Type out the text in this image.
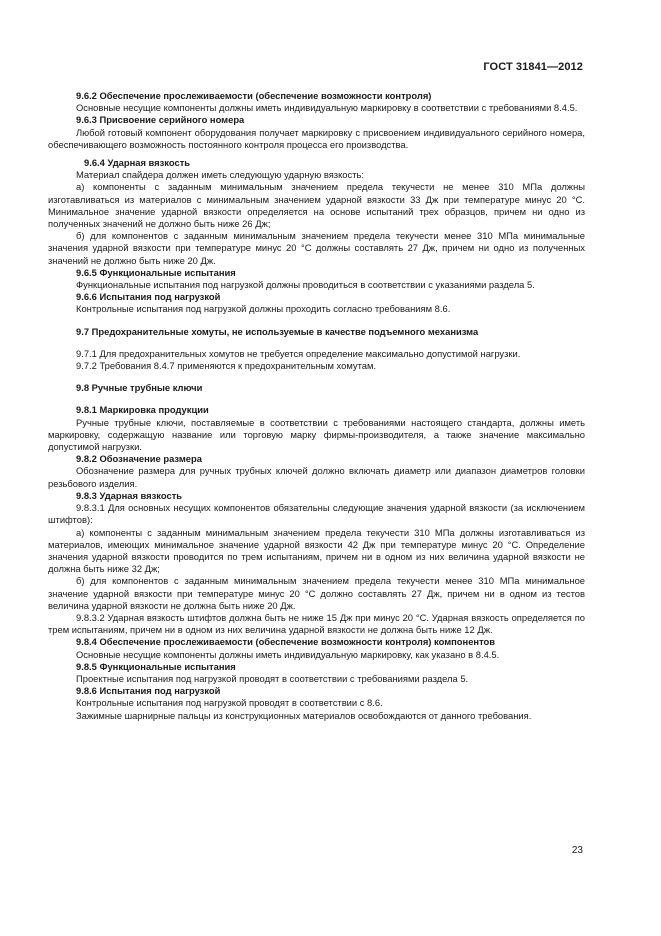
ГОСТ 31841—2012

9.6.2 Обеспечение прослеживаемости (обеспечение возможности контроля)

Основные несущие компоненты должны иметь индивидуальную маркировку в соответствии с требованиями 8.4.5.

9.6.3 Присвоение серийного номера

Любой готовый компонент оборудования получает маркировку с присвоением индивидуального серийного номера, обеспечивающего возможность постоянного контроля процесса его производства.

9.6.4 Ударная вязкость

Материал спайдера должен иметь следующую ударную вязкость:

а) компоненты с заданным минимальным значением предела текучести не менее 310 МПа должны изготавливаться из материалов с минимальным значением ударной вязкости 33 Дж при температуре минус 20 °С. Минимальное значение ударной вязкости определяется на основе испытаний трех образцов, причем ни одно из полученных значений не должно быть ниже 26 Дж;

б) для компонентов с заданным минимальным значением предела текучести менее 310 МПа минимальные значения ударной вязкости при температуре минус 20 °С должны составлять 27 Дж, причем ни одно из полученных значений не должно быть ниже 20 Дж.

9.6.5 Функциональные испытания

Функциональные испытания под нагрузкой должны проводиться в соответствии с указаниями раздела 5.

9.6.6 Испытания под нагрузкой

Контрольные испытания под нагрузкой должны проходить согласно требованиям 8.6.

9.7 Предохранительные хомуты, не используемые в качестве подъемного механизма

9.7.1 Для предохранительных хомутов не требуется определение максимально допустимой нагрузки.

9.7.2 Требования 8.4.7 применяются к предохранительным хомутам.

9.8 Ручные трубные ключи

9.8.1 Маркировка продукции

Ручные трубные ключи, поставляемые в соответствии с требованиями настоящего стандарта, должны иметь маркировку, содержащую название или торговую марку фирмы-производителя, а также значение максимально допустимой нагрузки.

9.8.2 Обозначение размера

Обозначение размера для ручных трубных ключей должно включать диаметр или диапазон диаметров головки резьбового изделия.

9.8.3 Ударная вязкость

9.8.3.1 Для основных несущих компонентов обязательны следующие значения ударной вязкости (за исключением штифтов):

а) компоненты с заданным минимальным значением предела текучести 310 МПа должны изготавливаться из материалов, имеющих минимальное значение ударной вязкости 42 Дж при температуре минус 20 °С. Определение значения ударной вязкости проводится по трем испытаниям, причем ни в одном из них величина ударной вязкости не должна быть ниже 32 Дж;

б) для компонентов с заданным минимальным значением предела текучести менее 310 МПа минимальное значение ударной вязкости при температуре минус 20 °С должно составлять 27 Дж, причем ни в одном из тестов величина ударной вязкости не должна быть ниже 20 Дж.

9.8.3.2 Ударная вязкость штифтов должна быть не ниже 15 Дж при минус 20 °С. Ударная вязкость определяется по трем испытаниям, причем ни в одном из них величина ударной вязкости не должна быть ниже 12 Дж.

9.8.4 Обеспечение прослеживаемости (обеспечение возможности контроля) компонентов

Основные несущие компоненты должны иметь индивидуальную маркировку, как указано в 8.4.5.

9.8.5 Функциональные испытания

Проектные испытания под нагрузкой проводят в соответствии с требованиями раздела 5.

9.8.6 Испытания под нагрузкой

Контрольные испытания под нагрузкой проводят в соответствии с 8.6.

Зажимные шарнирные пальцы из конструкционных материалов освобождаются от данного требования.

23
